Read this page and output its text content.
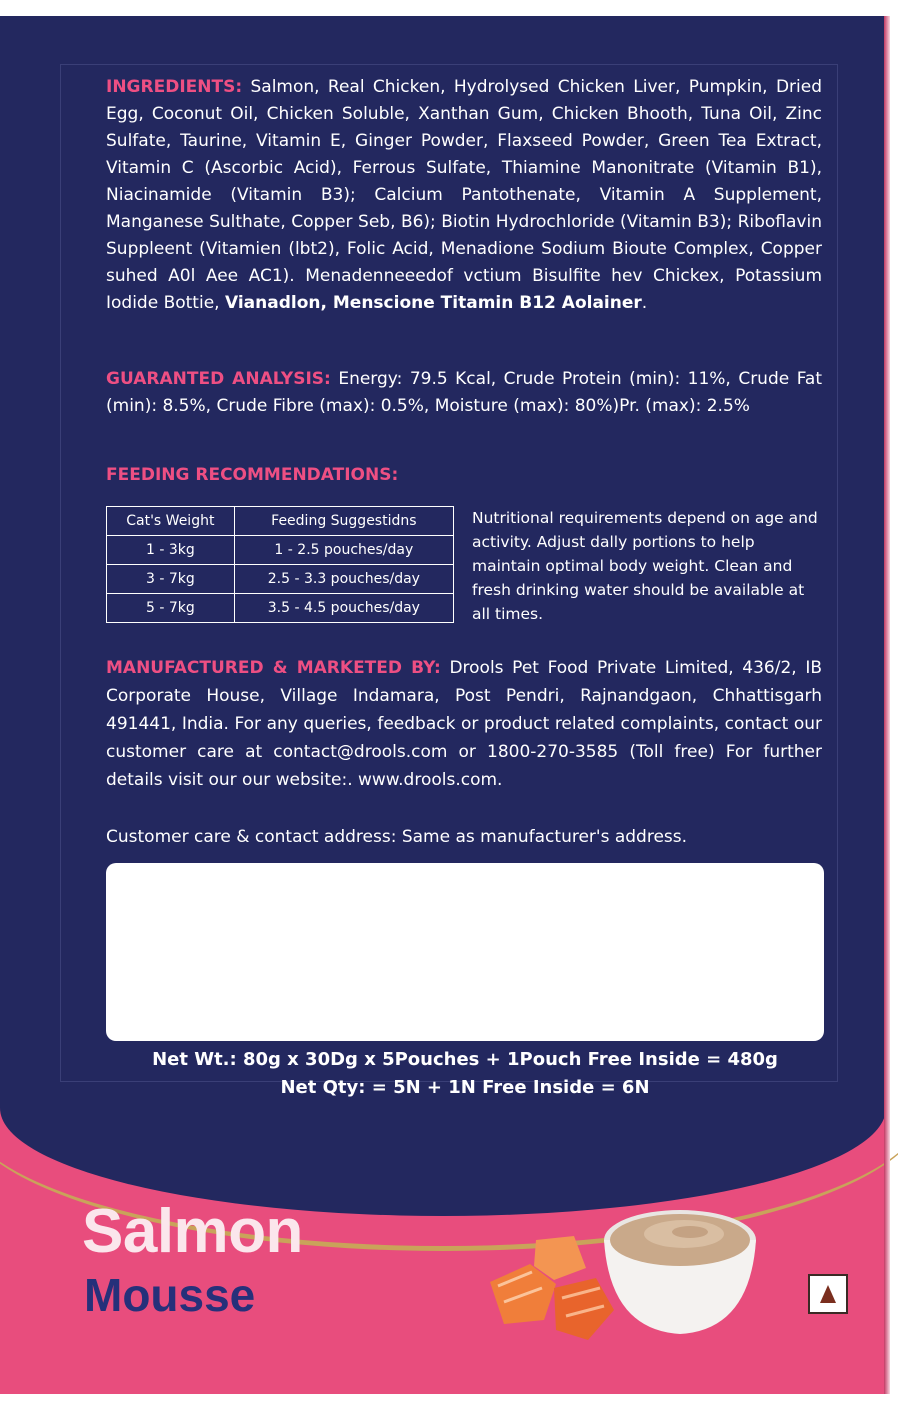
INGREDIENTS: Salmon, Real Chicken, Hydrolysed Chicken Liver, Pumpkin, Dried Egg, Coconut Oil, Chicken Soluble, Xanthan Gum, Chicken Bhooth, Tuna Oil, Zinc Sulfate, Taurine, Vitamin E, Ginger Powder, Flaxseed Powder, Green Tea Extract, Vitamin C (Ascorbic Acid), Ferrous Sulfate, Thiamine Manonitrate (Vitamin B1), Niacinamide (Vitamin B3); Calcium Pantothenate, Vitamin A Supplement, Manganese Sulthate, Copper Seb, B6); Biotin Hydrochloride (Vitamin B3); Riboflavin Suppleent (Vitamien (lbt2), Folic Acid, Menadione Sodium Bioute Complex, Copper suhed A0l Aee AC1). Menadenneeedof vctium Bisulfite hev Chickex, Potassium Iodide Bottie, Vianadlon, Menscione Titamin B12 Aolainer.

GUARANTED ANALYSIS: Energy: 79.5 Kcal, Crude Protein (min): 11%, Crude Fat (min): 8.5%, Crude Fibre (max): 0.5%, Moisture (max): 80%)Pr. (max): 2.5%

FEEDING RECOMMENDATIONS:
Cat's Weight	Feeding Suggestidns
1 - 3kg	1 - 2.5 pouches/day
3 - 7kg	2.5 - 3.3 pouches/day
5 - 7kg	3.5 - 4.5 pouches/day

Nutritional requirements depend on age and activity. Adjust dally portions to help maintain optimal body weight. Clean and fresh drinking water should be available at all times.

MANUFACTURED & MARKETED BY: Drools Pet Food Private Limited, 436/2, IB Corporate House, Village Indamara, Post Pendri, Rajnandgaon, Chhattisgarh 491441, India. For any queries, feedback or product related complaints, contact our customer care at contact@drools.com or 1800-270-3585 (Toll free) For further details visit our our website:. www.drools.com.

Customer care & contact address: Same as manufacturer's address.

Net Wt.: 80g x 30Dg x 5Pouches + 1Pouch Free Inside = 480g
Net Qty: = 5N + 1N Free Inside = 6N

Salmon

Mousse
